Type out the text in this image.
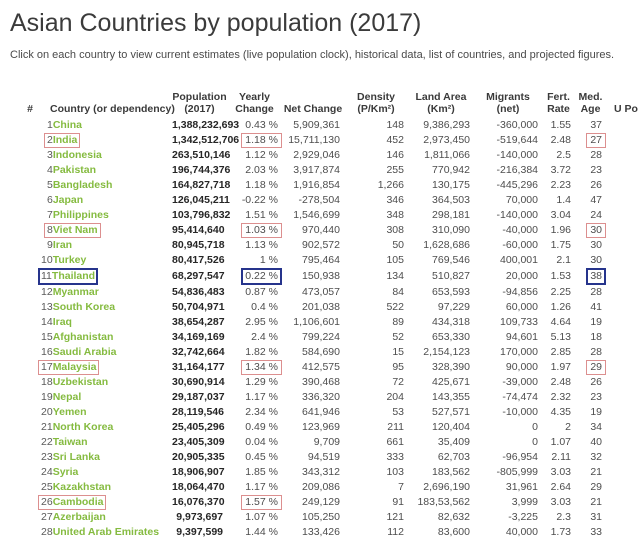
Asian Countries by population (2017)

Click on each country to view current estimates (live population clock), historical data, list of countries, and projected figures.

#	Country (or dependency)	Population (2017)	Yearly Change	Net Change	Density (P/Km²)	Land Area (Km²)	Migrants (net)	Fert. Rate	Med. Age	U Po

1China		1,388,232,693	0.43 %	5,909,361	148	9,386,293	-360,000	1.55	37	

2India		1,342,512,706	1.18 %	15,711,130	452	2,973,450	-519,644	2.48	27	

3Indonesia		263,510,146	1.12 %	2,929,046	146	1,811,066	-140,000	2.5	28	

4Pakistan		196,744,376	2.03 %	3,917,874	255	770,942	-216,384	3.72	23	

5Bangladesh		164,827,718	1.18 %	1,916,854	1,266	130,175	-445,296	2.23	26	

6Japan		126,045,211	-0.22 %	-278,504	346	364,503	70,000	1.4	47	

7Philippines		103,796,832	1.51 %	1,546,699	348	298,181	-140,000	3.04	24	

8Viet Nam		95,414,640	1.03 %	970,440	308	310,090	-40,000	1.96	30	

9Iran		80,945,718	1.13 %	902,572	50	1,628,686	-60,000	1.75	30	

10Turkey		80,417,526	1 %	795,464	105	769,546	400,001	2.1	30	

11Thailand		68,297,547	0.22 %	150,938	134	510,827	20,000	1.53	38	

12Myanmar		54,836,483	0.87 %	473,057	84	653,593	-94,856	2.25	28	

13South Korea		50,704,971	0.4 %	201,038	522	97,229	60,000	1.26	41	

14Iraq		38,654,287	2.95 %	1,106,601	89	434,318	109,733	4.64	19	

15Afghanistan		34,169,169	2.4 %	799,224	52	653,330	94,601	5.13	18	

16Saudi Arabia		32,742,664	1.82 %	584,690	15	2,154,123	170,000	2.85	28	

17Malaysia		31,164,177	1.34 %	412,575	95	328,390	90,000	1.97	29	

18Uzbekistan		30,690,914	1.29 %	390,468	72	425,671	-39,000	2.48	26	

19Nepal		29,187,037	1.17 %	336,320	204	143,355	-74,474	2.32	23	

20Yemen		28,119,546	2.34 %	641,946	53	527,571	-10,000	4.35	19	

21North Korea		25,405,296	0.49 %	123,969	211	120,404	0	2	34	

22Taiwan		23,405,309	0.04 %	9,709	661	35,409	0	1.07	40	

23Sri Lanka		20,905,335	0.45 %	94,519	333	62,703	-96,954	2.11	32	

24Syria		18,906,907	1.85 %	343,312	103	183,562	-805,999	3.03	21	

25Kazakhstan		18,064,470	1.17 %	209,086	7	2,696,190	31,961	2.64	29	

26Cambodia		16,076,370	1.57 %	249,129	91	183,53,562	3,999	3.03	21	

27Azerbaijan		9,973,697	1.07 %	105,250	121	82,632	-3,225	2.3	31	

28United Arab Emirates		9,397,599	1.44 %	133,426	112	83,600	40,000	1.73	33	
